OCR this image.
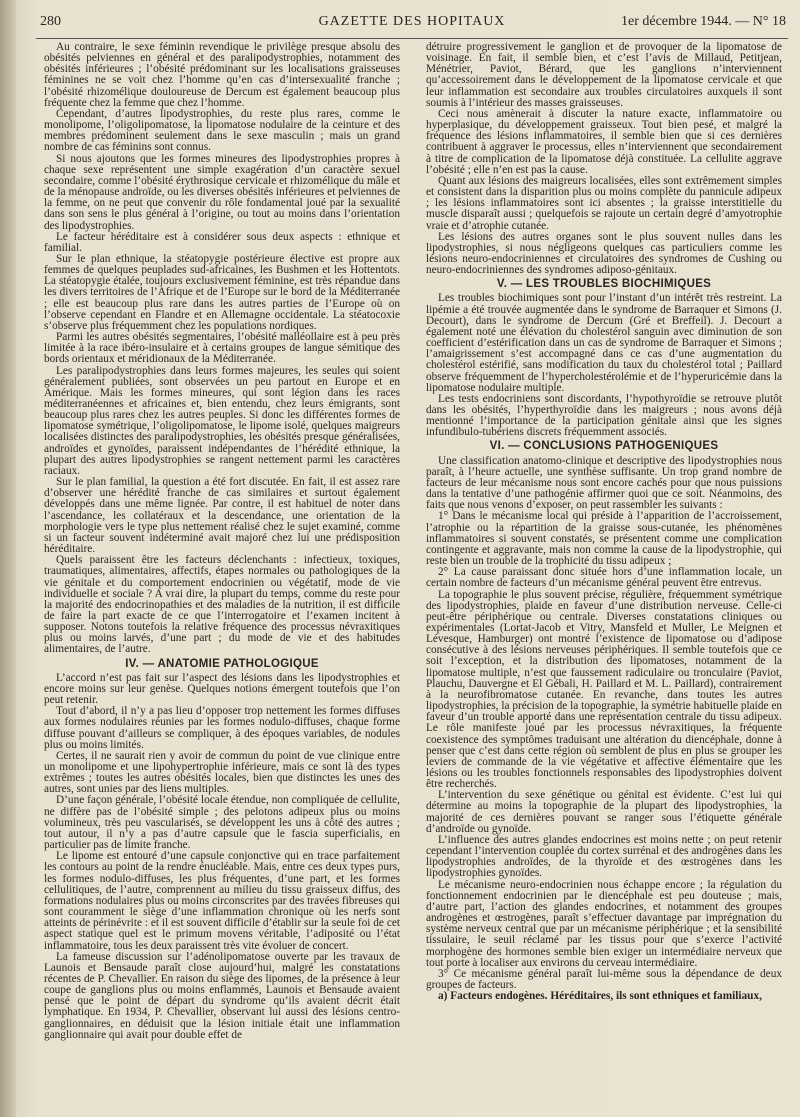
280	GAZETTE DES HOPITAUX	1er décembre 1944. — N° 18

Au contraire, le sexe féminin revendique le privilège presque absolu des obésités pelviennes en général et des paralipodystrophies, notamment des obésités inférieures ; l’obésité prédominant sur les localisations graisseuses féminines ne se voit chez l’homme qu’en cas d’intersexualité franche ; l’obésité rhizomélique douloureuse de Dercum est également beaucoup plus fréquente chez la femme que chez l’homme.

Cependant, d’autres lipodystrophies, du reste plus rares, comme le monolipome, l’oligolipomatose, la lipomatose nodulaire de la ceinture et des membres prédominent seulement dans le sexe masculin ; mais un grand nombre de cas féminins sont connus.

Si nous ajoutons que les formes mineures des lipodystrophies propres à chaque sexe représentent une simple exagération d’un caractère sexuel secondaire, comme l’obésité érythrosique cervicale et rhizomélique du mâle et de la ménopause androïde, ou les diverses obésités inférieures et pelviennes de la femme, on ne peut que convenir du rôle fondamental joué par la sexualité dans son sens le plus général à l’origine, ou tout au moins dans l’orientation des lipodystrophies.

Le facteur héréditaire est à considérer sous deux aspects : ethnique et familial.

Sur le plan ethnique, la stéatopygie postérieure élective est propre aux femmes de quelques peuplades sud-africaines, les Bushmen et les Hottentots. La stéatopygie étalée, toujours exclusivement féminine, est très répandue dans les divers territoires de l’Afrique et de l’Europe sur le bord de la Méditerranée ; elle est beaucoup plus rare dans les autres parties de l’Europe où on l’observe cependant en Flandre et en Allemagne occidentale. La stéatocoxie s’observe plus fréquemment chez les populations nordiques.

Parmi les autres obésités segmentaires, l’obésité malléollaire est à peu près limitée à la race ibéro-insulaire et à certains groupes de langue sémitique des bords orientaux et méridionaux de la Méditerranée.

Les paralipodystrophies dans leurs formes majeures, les seules qui soient généralement publiées, sont observées un peu partout en Europe et en Amérique. Mais les formes mineures, qui sont légion dans les races méditerranéennes et africaines et, bien entendu, chez leurs émigrants, sont beaucoup plus rares chez les autres peuples. Si donc les différentes formes de lipomatose symétrique, l’oligolipomatose, le lipome isolé, quelques maigreurs localisées distinctes des paralipodystrophies, les obésités presque généralisées, androïdes et gynoïdes, paraissent indépendantes de l’hérédité ethnique, la plupart des autres lipodystrophies se rangent nettement parmi les caractères raciaux.

Sur le plan familial, la question a été fort discutée. En fait, il est assez rare d’observer une hérédité franche de cas similaires et surtout également développés dans une même lignée. Par contre, il est habituel de noter dans l’ascendance, les collatéraux et la descendance, une orientation de la morphologie vers le type plus nettement réalisé chez le sujet examiné, comme si un facteur souvent indéterminé avait majoré chez lui une prédisposition héréditaire.

Quels paraissent être les facteurs déclenchants : infectieux, toxiques, traumatiques, alimentaires, affectifs, étapes normales ou pathologiques de la vie génitale et du comportement endocrinien ou végétatif, mode de vie individuelle et sociale ? A vrai dire, la plupart du temps, comme du reste pour la majorité des endocrinopathies et des maladies de la nutrition, il est difficile de faire la part exacte de ce que l’interrogatoire et l’examen incitent à supposer. Notons toutefois la relative fréquence des processus névraxitiques plus ou moins larvés, d’une part ; du mode de vie et des habitudes alimentaires, de l’autre.

IV. — ANATOMIE PATHOLOGIQUE

L’accord n’est pas fait sur l’aspect des lésions dans les lipodystrophies et encore moins sur leur genèse. Quelques notions émergent toutefois que l’on peut retenir.

Tout d’abord, il n’y a pas lieu d’opposer trop nettement les formes diffuses aux formes nodulaires réunies par les formes nodulo-diffuses, chaque forme diffuse pouvant d’ailleurs se compliquer, à des époques variables, de nodules plus ou moins limités.

Certes, il ne saurait rien y avoir de commun du point de vue clinique entre un monolipome et une lipohypertrophie inférieure, mais ce sont là des types extrêmes ; toutes les autres obésités locales, bien que distinctes les unes des autres, sont unies par des liens multiples.

D’une façon générale, l’obésité locale étendue, non compliquée de cellulite, ne diffère pas de l’obésité simple ; des pelotons adipeux plus ou moins volumineux, très peu vascularisés, se développent les uns à côté des autres ; tout autour, il n’y a pas d’autre capsule que le fascia superficialis, en particulier pas de limite franche.

Le lipome est entouré d’une capsule conjonctive qui en trace parfaitement les contours au point de la rendre énucléable. Mais, entre ces deux types purs, les formes nodulo-diffuses, les plus fréquentes, d’une part, et les formes cellulitiques, de l’autre, comprennent au milieu du tissu graisseux diffus, des formations nodulaires plus ou moins circonscrites par des travées fibreuses qui sont couramment le siège d’une inflammation chronique où les nerfs sont atteints de périnévrite : et il est souvent difficile d’établir sur la seule foi de cet aspect statique quel est le primum movens véritable, l’adiposité ou l’état inflammatoire, tous les deux paraissent très vite évoluer de concert.

La fameuse discussion sur l’adénolipomatose ouverte par les travaux de Launois et Bensaude paraît close aujourd’hui, malgré les constatations récentes de P. Chevallier. En raison du siège des lipomes, de la présence à leur coupe de ganglions plus ou moins enflammés, Launois et Bensaude avaient pensé que le point de départ du syndrome qu’ils avaient décrit était lymphatique. En 1934, P. Chevallier, observant lui aussi des lésions centro-ganglionnaires, en déduisit que la lésion initiale était une inflammation ganglionnaire qui avait pour double effet de

détruire progressivement le ganglion et de provoquer de la lipomatose de voisinage. En fait, il semble bien, et c’est l’avis de Millaud, Petitjean, Ménétrier, Paviot, Bérard, que les ganglions n’interviennent qu’accessoirement dans le développement de la lipomatose cervicale et que leur inflammation est secondaire aux troubles circulatoires auxquels il sont soumis à l’intérieur des masses graisseuses.

Ceci nous amènerait à discuter la nature exacte, inflammatoire ou hyperplasique, du développement graisseux. Tout bien pesé, et malgré la fréquence des lésions inflammatoires, il semble bien que si ces dernières contribuent à aggraver le processus, elles n’interviennent que secondairement à titre de complication de la lipomatose déjà constituée. La cellulite aggrave l’obésité ; elle n’en est pas la cause.

Quant aux lésions des maigreurs localisées, elles sont extrêmement simples et consistent dans la disparition plus ou moins complète du pannicule adipeux ; les lésions inflammatoires sont ici absentes ; la graisse interstitielle du muscle disparaît aussi ; quelquefois se rajoute un certain degré d’amyotrophie vraie et d’atrophie cutanée.

Les lésions des autres organes sont le plus souvent nulles dans les lipodystrophies, si nous négligeons quelques cas particuliers comme les lésions neuro-endocriniennes et circulatoires des syndromes de Cushing ou neuro-endocriniennes des syndromes adiposo-génitaux.

V. — LES TROUBLES BIOCHIMIQUES

Les troubles biochimiques sont pour l’instant d’un intérêt très restreint. La lipémie a été trouvée augmentée dans le syndrome de Barraquer et Simons (J. Decourt), dans le syndrome de Dercum (Gré et Breffeil). J. Decourt a également noté une élévation du cholestérol sanguin avec diminution de son coefficient d’estérification dans un cas de syndrome de Barraquer et Simons ; l’amaigrissement s’est accompagné dans ce cas d’une augmentation du cholestérol estérifié, sans modification du taux du cholestérol total ; Paillard observe fréquemment de l’hypercholestérolémie et de l’hyperuricémie dans la lipomatose nodulaire multiple.

Les tests endocriniens sont discordants, l’hypothyroïdie se retrouve plutôt dans les obésités, l’hyperthyroïdie dans les maigreurs ; nous avons déjà mentionné l’importance de la participation génitale ainsi que les signes infundibulo-tubériens discrets fréquemment associés.

VI. — CONCLUSIONS PATHOGENIQUES

Une classification anatomo-clinique et descriptive des lipodystrophies nous paraît, à l’heure actuelle, une synthèse suffisante. Un trop grand nombre de facteurs de leur mécanisme nous sont encore cachés pour que nous puissions dans la tentative d’une pathogénie affirmer quoi que ce soit. Néanmoins, des faits que nous venons d’exposer, on peut rassembler les suivants :

1° Dans le mécanisme local qui préside à l’apparition de l’accroissement, l’atrophie ou la répartition de la graisse sous-cutanée, les phénomènes inflammatoires si souvent constatés, se présentent comme une complication contingente et aggravante, mais non comme la cause de la lipodystrophie, qui reste bien un trouble de la trophicité du tissu adipeux ;

2° La cause paraissant donc située hors d’une inflammation locale, un certain nombre de facteurs d’un mécanisme général peuvent être entrevus.

La topographie le plus souvent précise, régulière, fréquemment symétrique des lipodystrophies, plaide en faveur d’une distribution nerveuse. Celle-ci peut-être périphérique ou centrale. Diverses constatations cliniques ou expérimentales (Lortat-Jacob et Vitry, Mansfeld et Muller, Le Meignen et Lévesque, Hamburger) ont montré l’existence de lipomatose ou d’adipose consécutive à des lésions nerveuses périphériques. Il semble toutefois que ce soit l’exception, et la distribution des lipomatoses, notamment de la lipomatose multiple, n’est que faussement radiculaire ou tronculaire (Paviot, Plauchu, Dauvergne et El Gébali, H. Paillard et M. L. Paillard), contrairement à la neurofibromatose cutanée. En revanche, dans toutes les autres lipodystrophies, la précision de la topographie, la symétrie habituelle plaide en faveur d’un trouble apporté dans une représentation centrale du tissu adipeux. Le rôle manifeste joué par les processus névraxitiques, la fréquente coexistence des symptômes traduisant une altération du diencéphale, donne à penser que c’est dans cette région où semblent de plus en plus se grouper les leviers de commande de la vie végétative et affective élémentaire que les lésions ou les troubles fonctionnels responsables des lipodystrophies doivent être recherchés.

L’intervention du sexe génétique ou génital est évidente. C’est lui qui détermine au moins la topographie de la plupart des lipodystrophies, la majorité de ces dernières pouvant se ranger sous l’étiquette générale d’androïde ou gynoïde.

L’influence des autres glandes endocrines est moins nette ; on peut retenir cependant l’intervention couplée du cortex surrénal et des androgènes dans les lipodystrophies androïdes, de la thyroïde et des œstrogènes dans les lipodystrophies gynoïdes.

Le mécanisme neuro-endocrinien nous échappe encore ; la régulation du fonctionnement endocrinien par le diencéphale est peu douteuse ; mais, d’autre part, l’action des glandes endocrines, et notamment des groupes androgènes et œstrogènes, paraît s’effectuer davantage par imprégnation du système nerveux central que par un mécanisme périphérique ; et la sensibilité tissulaire, le seuil réclamé par les tissus pour que s’exerce l’activité morphogène des hormones semble bien exiger un intermédiaire nerveux que tout porte à localiser aux environs du cerveau intermédiaire.

3° Ce mécanisme général paraît lui-même sous la dépendance de deux groupes de facteurs.

a) Facteurs endogènes. Héréditaires, ils sont ethniques et familiaux,
